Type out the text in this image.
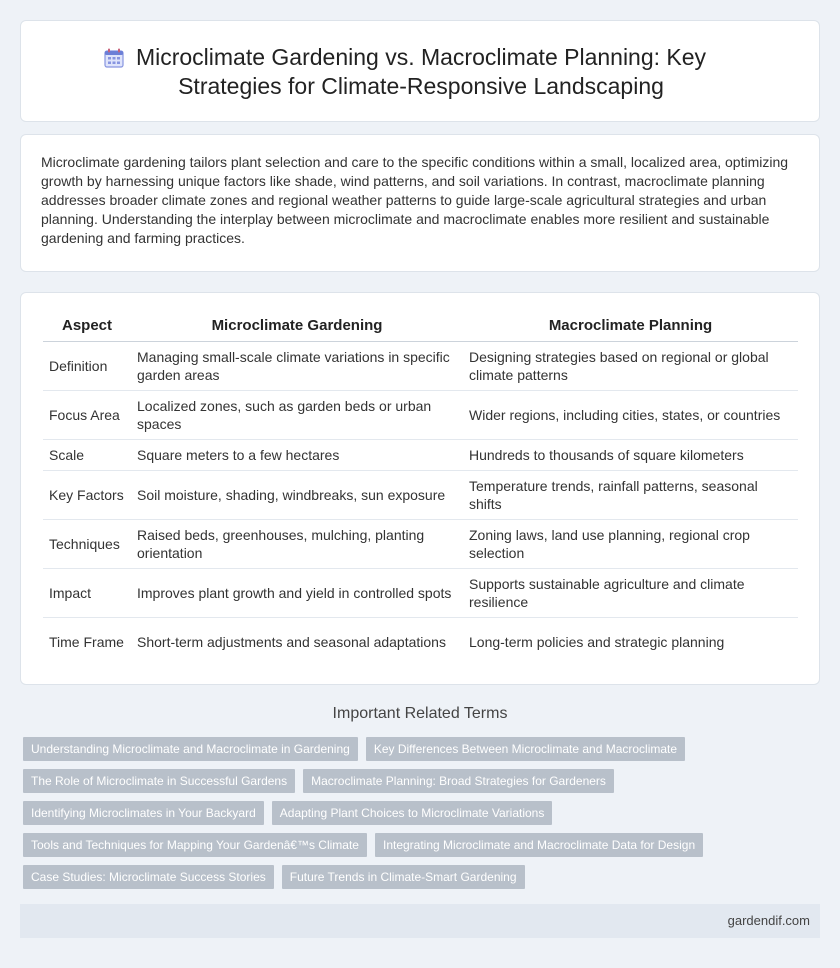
Microclimate Gardening vs. Macroclimate Planning: Key Strategies for Climate-Responsive Landscaping

Microclimate gardening tailors plant selection and care to the specific conditions within a small, localized area, optimizing growth by harnessing unique factors like shade, wind patterns, and soil variations. In contrast, macroclimate planning addresses broader climate zones and regional weather patterns to guide large-scale agricultural strategies and urban planning. Understanding the interplay between microclimate and macroclimate enables more resilient and sustainable gardening and farming practices.

Aspect	Microclimate Gardening	Macroclimate Planning
Definition	Managing small-scale climate variations in specific garden areas	Designing strategies based on regional or global climate patterns
Focus Area	Localized zones, such as garden beds or urban spaces	Wider regions, including cities, states, or countries
Scale	Square meters to a few hectares	Hundreds to thousands of square kilometers
Key Factors	Soil moisture, shading, windbreaks, sun exposure	Temperature trends, rainfall patterns, seasonal shifts
Techniques	Raised beds, greenhouses, mulching, planting orientation	Zoning laws, land use planning, regional crop selection
Impact	Improves plant growth and yield in controlled spots	Supports sustainable agriculture and climate resilience
Time Frame	Short-term adjustments and seasonal adaptations	Long-term policies and strategic planning
Important Related Terms
Understanding Microclimate and Macroclimate in Gardening	Key Differences Between Microclimate and Macroclimate
The Role of Microclimate in Successful Gardens	Macroclimate Planning: Broad Strategies for Gardeners
Identifying Microclimates in Your Backyard	Adapting Plant Choices to Microclimate Variations
Tools and Techniques for Mapping Your Gardenâ€™s Climate	Integrating Microclimate and Macroclimate Data for Design
Case Studies: Microclimate Success Stories	Future Trends in Climate-Smart Gardening
gardendif.com
